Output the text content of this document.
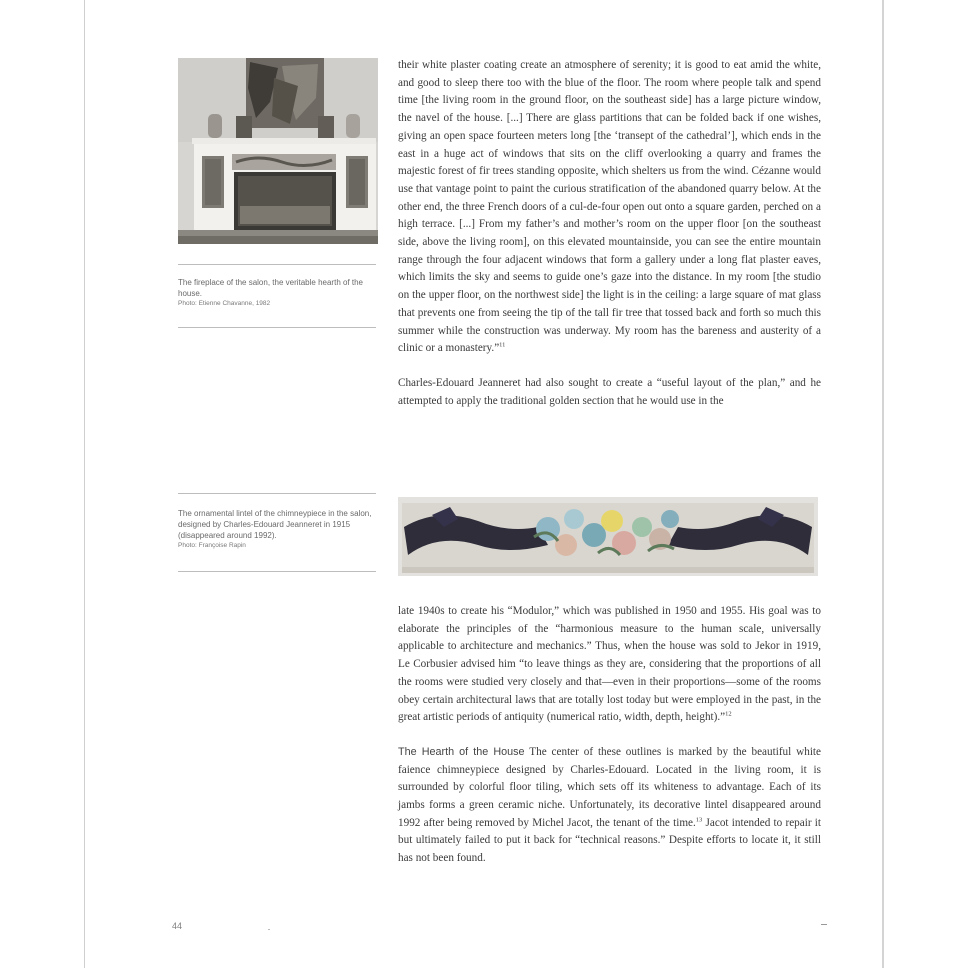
The fireplace of the salon, the veritable hearth of the house.
Photo: Etienne Chavanne, 1982
The ornamental lintel of the chimneypiece in the salon, designed by Charles-Edouard Jeanneret in 1915 (disappeared around 1992).
Photo: Françoise Rapin

their white plaster coating create an atmosphere of serenity; it is good to eat amid the white, and good to sleep there too with the blue of the floor. The room where people talk and spend time [the living room in the ground floor, on the southeast side] has a large picture window, the navel of the house. [...] There are glass partitions that can be folded back if one wishes, giving an open space fourteen meters long [the ‘transept of the cathedral’], which ends in the east in a huge act of windows that sits on the cliff overlooking a quarry and frames the majestic forest of fir trees standing opposite, which shelters us from the wind. Cézanne would use that vantage point to paint the curious stratification of the abandoned quarry below. At the other end, the three French doors of a cul-de-four open out onto a square garden, perched on a high terrace. [...] From my father’s and mother’s room on the upper floor [on the southeast side, above the living room], on this elevated mountainside, you can see the entire mountain range through the four adjacent windows that form a gallery under a long flat plaster eaves, which limits the sky and seems to guide one’s gaze into the distance. In my room [the studio on the upper floor, on the northwest side] the light is in the ceiling: a large square of mat glass that prevents one from seeing the tip of the tall fir tree that tossed back and forth so much this summer while the construction was underway. My room has the bareness and austerity of a clinic or a monastery.”$^{11}$

Charles-Edouard Jeanneret had also sought to create a “useful layout of the plan,” and he attempted to apply the traditional golden section that he would use in the

late 1940s to create his “Modulor,” which was published in 1950 and 1955. His goal was to elaborate the principles of the “harmonious measure to the human scale, universally applicable to architecture and mechanics.” Thus, when the house was sold to Jekor in 1919, Le Corbusier advised him “to leave things as they are, considering that the proportions of all the rooms were studied very closely and that—even in their proportions—some of the rooms obey certain architectural laws that are totally lost today but were employed in the past, in the great artistic periods of antiquity (numerical ratio, width, depth, height).”$^{12}$

The Hearth of the House The center of these outlines is marked by the beautiful white faience chimneypiece designed by Charles-Edouard. Located in the living room, it is surrounded by colorful floor tiling, which sets off its whiteness to advantage. Each of its jambs forms a green ceramic niche. Unfortunately, its decorative lintel disappeared around 1992 after being removed by Michel Jacot, the tenant of the time.$^{13}$ Jacot intended to repair it but ultimately failed to put it back for “technical reasons.” Despite efforts to locate it, it still has not been found.

44
